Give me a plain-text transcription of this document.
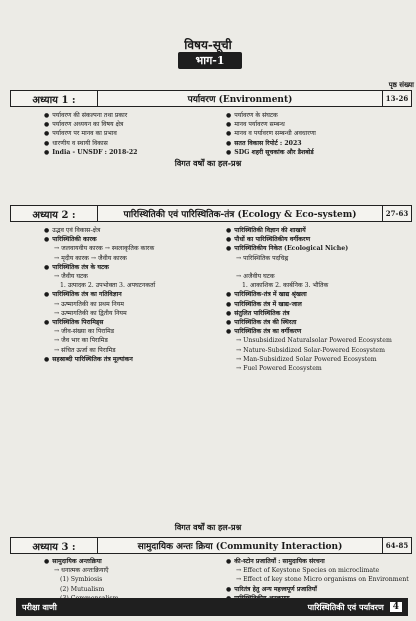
विषय-सूची
भाग-1
पृष्ठ संख्या
अध्याय 1 :	पर्यावरण (Environment)	13-26
● पर्यावरण की संकल्पना तथा प्रकार
● पर्यावरण अध्ययन का विषय क्षेत्र
● पर्यावरण पर मानव का प्रभाव
● धारणीय व स्थायी विकास
● India - UNSDF : 2018-22
● पर्यावरण के संघटक
● मानव पर्यावरण सम्बन्ध
● मानव व पर्यावरण सम्बन्धी अवधारणा
● सतत विकास रिपोर्ट : 2023
● SDG शहरी सूचकांक और डैशबोर्ड
विगत वर्षों का हल-प्रश्न
अध्याय 2 :	पारिस्थितिकी एवं पारिस्थितिक-तंत्र (Ecology & Eco-system)	27-63
● उद्भव एवं विकास-क्षेत्र
● पारिस्थितिकी कारक
→ जलवायवीय कारक → स्थलाकृतिक कारक
→ मृदीय कारक → जैवीय कारक
● पारिस्थितिक तंत्र के घटक
→ जैवीय घटक
1. उत्पादक 2. उपभोक्ता 3. अपघटनकर्ता
● पारिस्थितिक तंत्र का गतिविज्ञान
→ ऊष्मागतिकी का प्रथम नियम
→ ऊष्मागतिकी का द्वितीय नियम
● पारिस्थितिक पिरामिड्स
→ जीव-संख्या का पिरामिड
→ जैव भार का पिरामिड
→ संचित ऊर्जा का पिरामिड
● सहस्राब्दी पारिस्थितिक तंत्र मूल्यांकन
● पारिस्थितिकी विज्ञान की शाखायें
● पौधों का पारिस्थितिकीय वर्गीकरण
● पारिस्थितिकीय निकेत (Ecological Niche)
→ पारिस्थितिक पदचिह्न

→ अजैवीय घटक
1. आकाशिक 2. कार्बनिक 3. भौतिक
● पारिस्थितिक-तंत्र में खाद्य श्रृंखला
● पारिस्थितिक तंत्र में खाद्य-जाल
● संतुलित पारिस्थितिक तंत्र
● पारिस्थितिक तंत्र की स्थिरता
● पारिस्थितिक तंत्र का वर्गीकरण
→ Unsubsidized Naturalsolar Powered Ecosystem
→ Nature-Subsidized Solar-Powered Ecosystem
→ Man-Subsidized Solar Powered Ecosystem
→ Fuel Powered Ecosystem
विगत वर्षों का हल-प्रश्न
अध्याय 3 :	सामुदायिक अन्तः क्रिया (Community Interaction)	64-85
● सामुदायिक अन्तःक्रिया
→ धनात्मक अन्तःक्रियाएँ
(1) Symbiosis
(2) Mutualism
● की-स्टोन प्रजातियाँ : सामुदायिक संरचना
→ Effect of Keystone Species on microclimate
→ Effect of key stone Micro organisms on Environment
● पारितंत्र हेतु अन्य महत्त्वपूर्ण प्रजातियाँ
●
→
परीक्षा वाणी	पारिस्थितिकी एवं पर्यावरण	4
